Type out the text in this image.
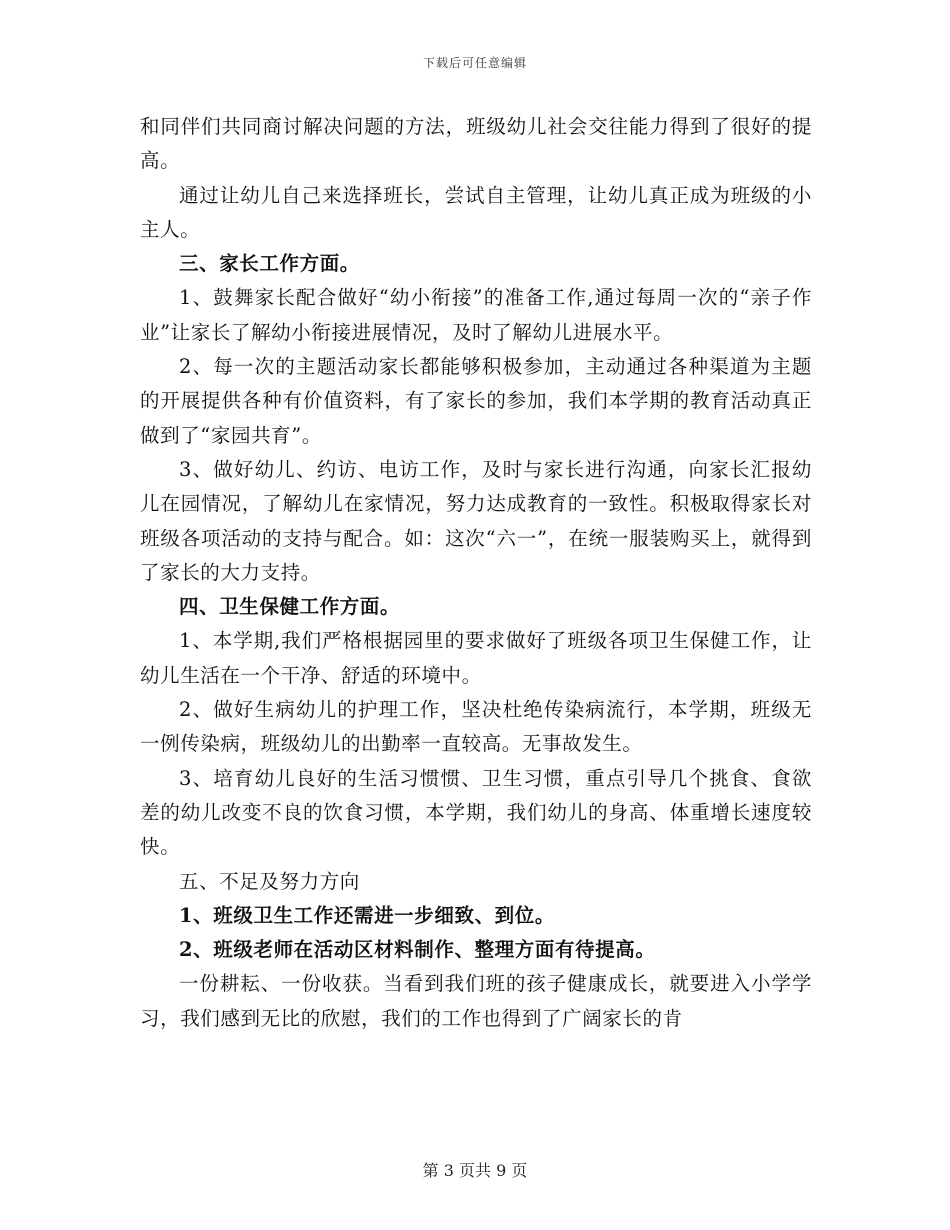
下载后可任意编辑

和同伴们共同商讨解决问题的方法，班级幼儿社会交往能力得到了很好的提高。

通过让幼儿自己来选择班长，尝试自主管理，让幼儿真正成为班级的小主人。

三、家长工作方面。

1、鼓舞家长配合做好“幼小衔接”的准备工作,通过每周一次的“亲子作业”让家长了解幼小衔接进展情况，及时了解幼儿进展水平。

2、每一次的主题活动家长都能够积极参加，主动通过各种渠道为主题的开展提供各种有价值资料，有了家长的参加，我们本学期的教育活动真正做到了“家园共育”。

3、做好幼儿、约访、电访工作，及时与家长进行沟通，向家长汇报幼儿在园情况，了解幼儿在家情况，努力达成教育的一致性。积极取得家长对班级各项活动的支持与配合。如：这次“六一”，在统一服装购买上，就得到了家长的大力支持。

四、卫生保健工作方面。

1、本学期,我们严格根据园里的要求做好了班级各项卫生保健工作，让幼儿生活在一个干净、舒适的环境中。

2、做好生病幼儿的护理工作，坚决杜绝传染病流行，本学期，班级无一例传染病，班级幼儿的出勤率一直较高。无事故发生。

3、培育幼儿良好的生活习惯惯、卫生习惯，重点引导几个挑食、食欲差的幼儿改变不良的饮食习惯，本学期，我们幼儿的身高、体重增长速度较快。

五、不足及努力方向

1、班级卫生工作还需进一步细致、到位。

2、班级老师在活动区材料制作、整理方面有待提高。

一份耕耘、一份收获。当看到我们班的孩子健康成长，就要进入小学学习，我们感到无比的欣慰，我们的工作也得到了广阔家长的肯

第 3 页共 9 页
